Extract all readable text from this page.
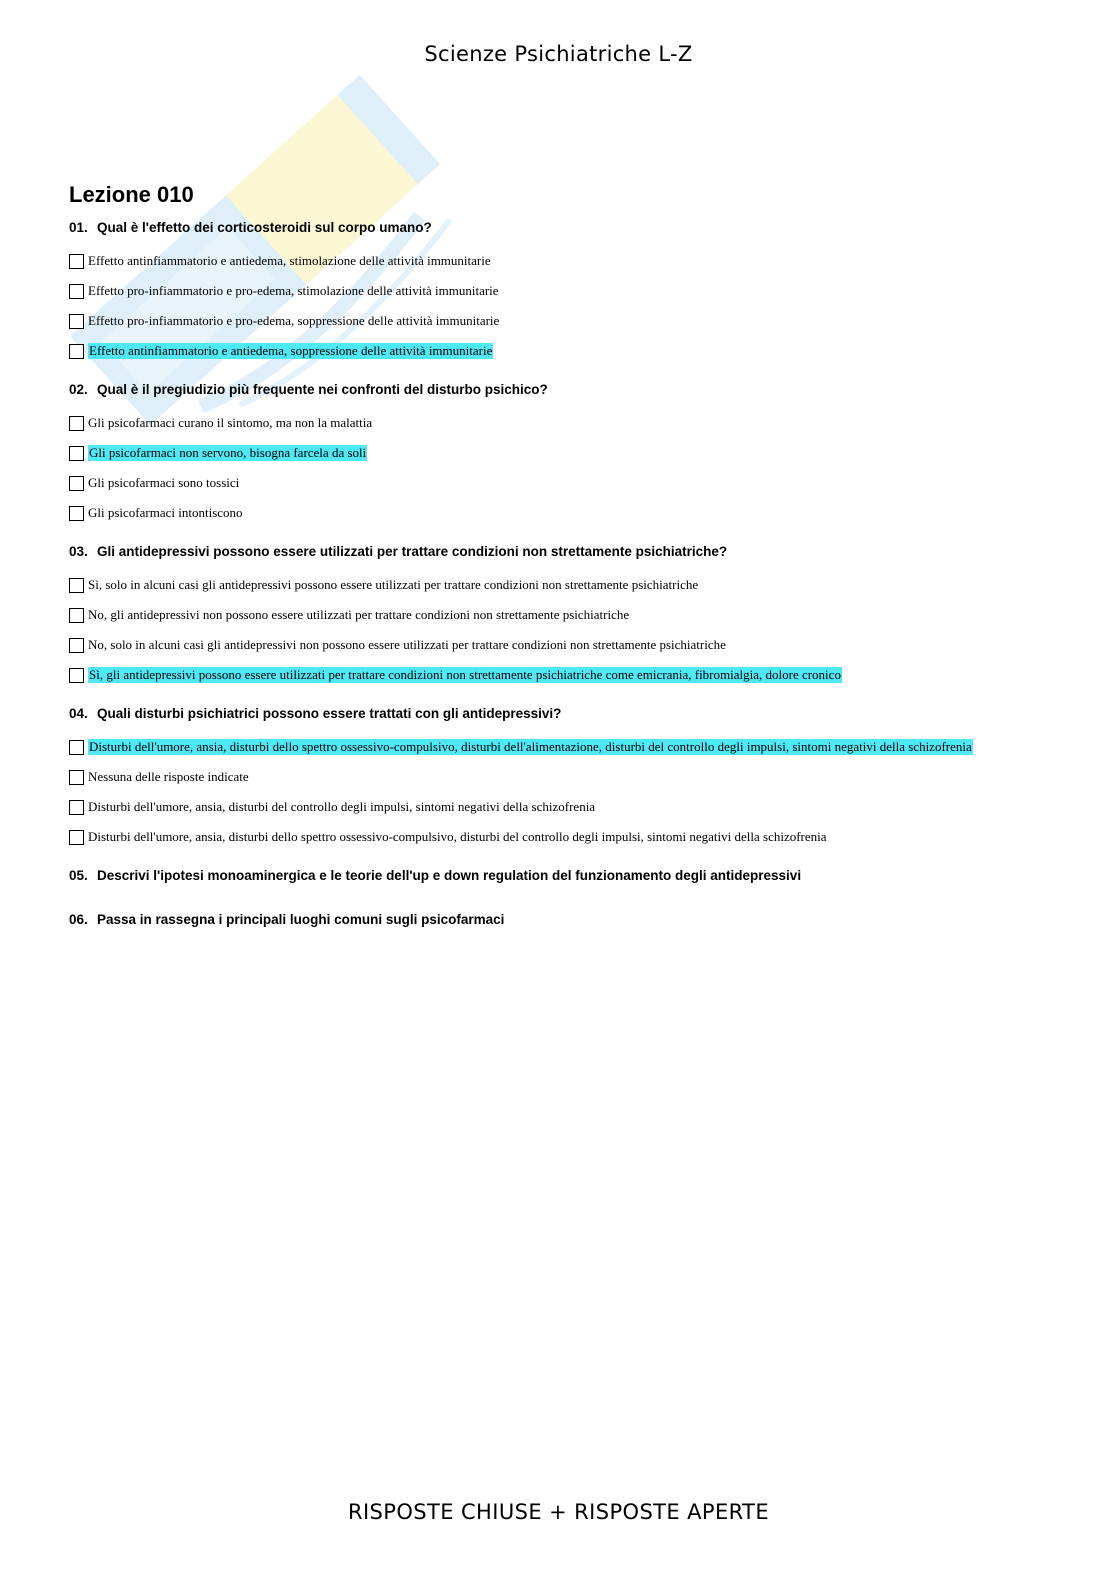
Scienze Psichiatriche L-Z
Lezione 010
01. Qual è l'effetto dei corticosteroidi sul corpo umano?
Effetto antinfiammatorio e antiedema, stimolazione delle attività immunitarie
Effetto pro-infiammatorio e pro-edema, stimolazione delle attività immunitarie
Effetto pro-infiammatorio e pro-edema, soppressione delle attività immunitarie
Effetto antinfiammatorio e antiedema, soppressione delle attività immunitarie
02. Qual è il pregiudizio più frequente nei confronti del disturbo psichico?
Gli psicofarmaci curano il sintomo, ma non la malattia
Gli psicofarmaci non servono, bisogna farcela da soli
Gli psicofarmaci sono tossici
Gli psicofarmaci intontiscono
03. Gli antidepressivi possono essere utilizzati per trattare condizioni non strettamente psichiatriche?
Sì, solo in alcuni casi gli antidepressivi possono essere utilizzati per trattare condizioni non strettamente psichiatriche
No, gli antidepressivi non possono essere utilizzati per trattare condizioni non strettamente psichiatriche
No, solo in alcuni casi gli antidepressivi non possono essere utilizzati per trattare condizioni non strettamente psichiatriche
Sì, gli antidepressivi possono essere utilizzati per trattare condizioni non strettamente psichiatriche come emicrania, fibromialgia, dolore cronico
04. Quali disturbi psichiatrici possono essere trattati con gli antidepressivi?
Disturbi dell'umore, ansia, disturbi dello spettro ossessivo-compulsivo, disturbi dell'alimentazione, disturbi del controllo degli impulsi, sintomi negativi della schizofrenia
Nessuna delle risposte indicate
Disturbi dell'umore, ansia, disturbi del controllo degli impulsi, sintomi negativi della schizofrenia
Disturbi dell'umore, ansia, disturbi dello spettro ossessivo-compulsivo, disturbi del controllo degli impulsi, sintomi negativi della schizofrenia
05. Descrivi l'ipotesi monoaminergica e le teorie dell'up e down regulation del funzionamento degli antidepressivi
06. Passa in rassegna i principali luoghi comuni sugli psicofarmaci
RISPOSTE CHIUSE + RISPOSTE APERTE
